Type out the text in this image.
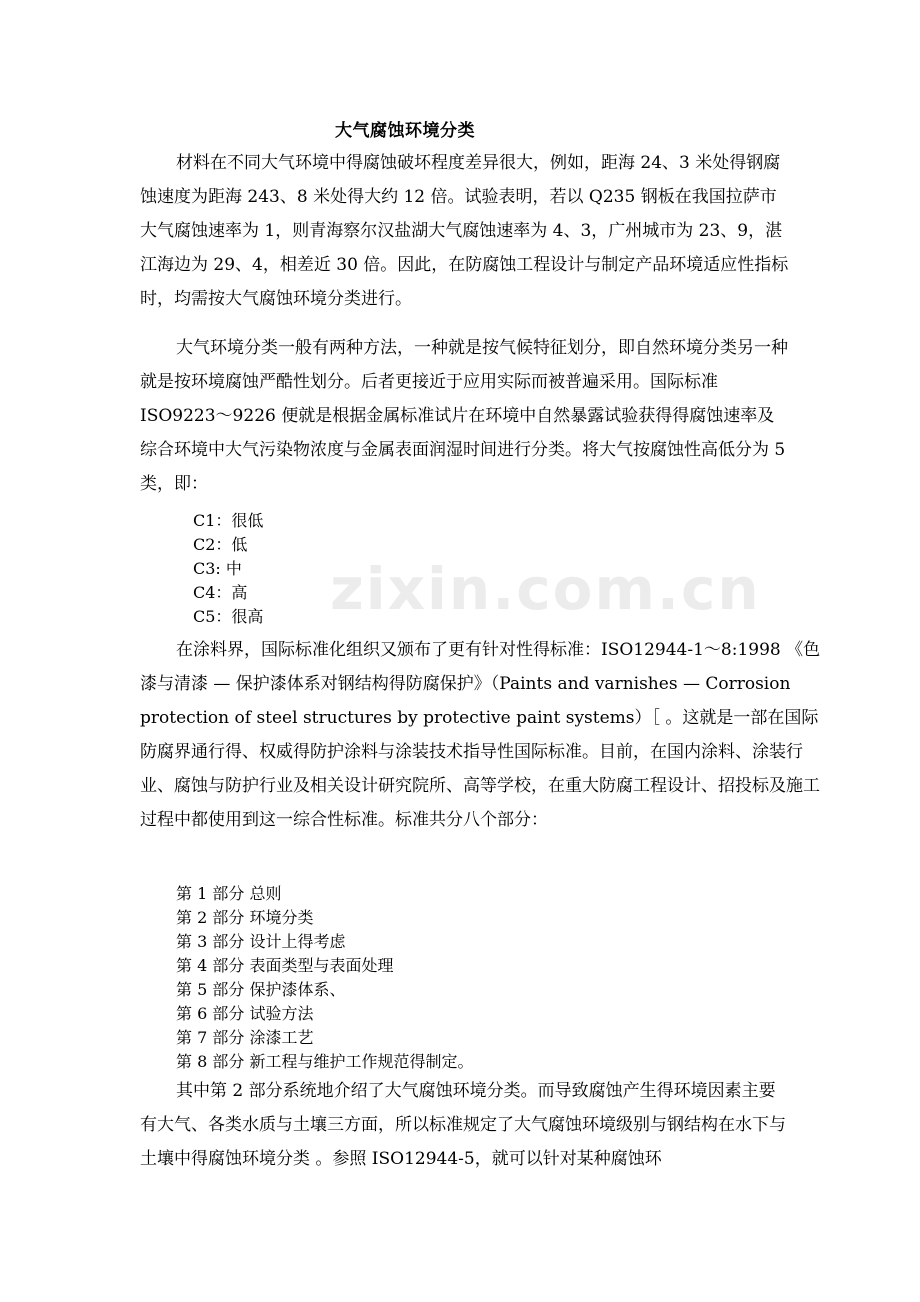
大气腐蚀环境分类

材料在不同大气环境中得腐蚀破坏程度差异很大，例如，距海 24、3 米处得钢腐蚀速度为距海 243、8 米处得大约 12 倍。试验表明，若以 Q235 钢板在我国拉萨市大气腐蚀速率为 1，则青海察尔汉盐湖大气腐蚀速率为 4、3，广州城市为 23、9，湛江海边为 29、4，相差近 30 倍。因此，在防腐蚀工程设计与制定产品环境适应性指标时，均需按大气腐蚀环境分类进行。

大气环境分类一般有两种方法，一种就是按气候特征划分，即自然环境分类另一种就是按环境腐蚀严酷性划分。后者更接近于应用实际而被普遍采用。国际标准 ISO9223～9226 便就是根据金属标准试片在环境中自然暴露试验获得得腐蚀速率及综合环境中大气污染物浓度与金属表面润湿时间进行分类。将大气按腐蚀性高低分为 5 类，即：

C1：很低
C2：低
C3: 中
C4：高
C5：很高

在涂料界，国际标准化组织又颁布了更有针对性得标准：ISO12944-1～8:1998 《色漆与清漆 — 保护漆体系对钢结构得防腐保护》（Paints and varnishes — Corrosion protection of steel structures by protective paint systems）［ 。这就是一部在国际防腐界通行得、权威得防护涂料与涂装技术指导性国际标准。目前，在国内涂料、涂装行业、腐蚀与防护行业及相关设计研究院所、高等学校，在重大防腐工程设计、招投标及施工过程中都使用到这一综合性标准。标准共分八个部分：

第 1 部分 总则
第 2 部分 环境分类
第 3 部分 设计上得考虑
第 4 部分 表面类型与表面处理
第 5 部分 保护漆体系、
第 6 部分 试验方法
第 7 部分 涂漆工艺
第 8 部分 新工程与维护工作规范得制定。

其中第 2 部分系统地介绍了大气腐蚀环境分类。而导致腐蚀产生得环境因素主要有大气、各类水质与土壤三方面，所以标准规定了大气腐蚀环境级别与钢结构在水下与土壤中得腐蚀环境分类 。参照 ISO12944-5，就可以针对某种腐蚀环

zixin.com.cn
